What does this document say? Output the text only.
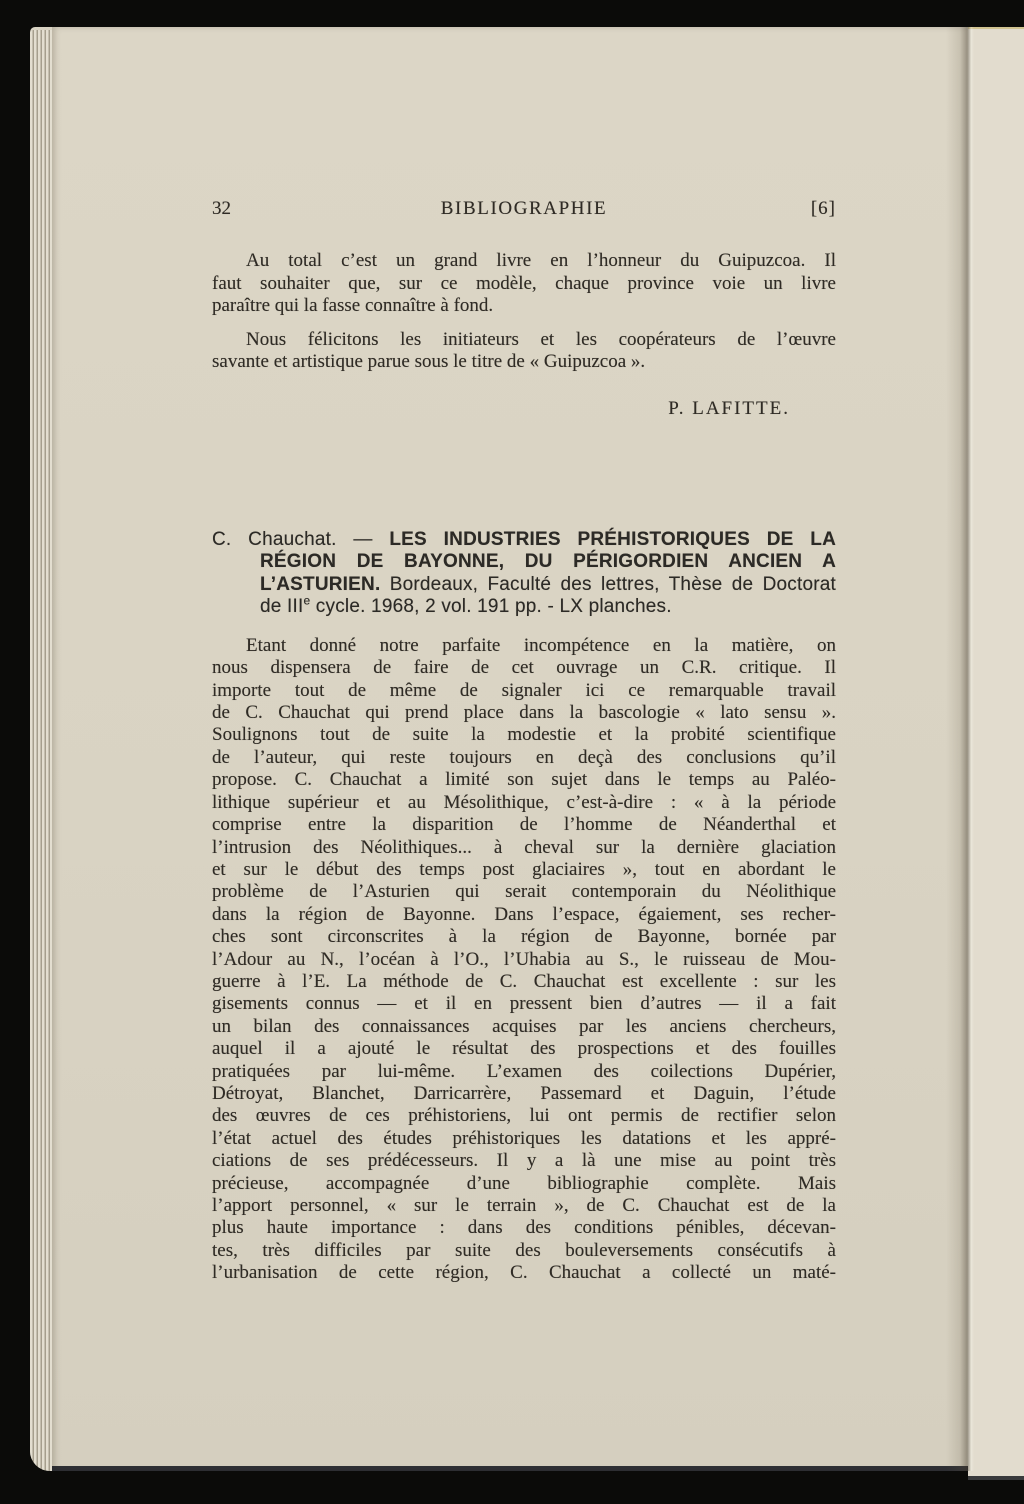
32	BIBLIOGRAPHIE	[6]
Au total c’est un grand livre en l’honneur du Guipuzcoa. Il
faut souhaiter que, sur ce modèle, chaque province voie un livre
paraître qui la fasse connaître à fond.
Nous félicitons les initiateurs et les coopérateurs de l’œuvre
savante et artistique parue sous le titre de « Guipuzcoa ».
P. LAFITTE.
C. Chauchat. — LES INDUSTRIES PRÉHISTORIQUES DE LA RÉGION DE BAYONNE, DU PÉRIGORDIEN ANCIEN A L’ASTURIEN. Bordeaux, Faculté des lettres, Thèse de Doctorat de IIIe cycle. 1968, 2 vol. 191 pp. - LX planches.
Etant donné notre parfaite incompétence en la matière, on
nous dispensera de faire de cet ouvrage un C.R. critique. Il
importe tout de même de signaler ici ce remarquable travail
de C. Chauchat qui prend place dans la bascologie « lato sensu ».
Soulignons tout de suite la modestie et la probité scientifique
de l’auteur, qui reste toujours en deçà des conclusions qu’il
propose. C. Chauchat a limité son sujet dans le temps au Paléo-
lithique supérieur et au Mésolithique, c’est-à-dire : « à la période
comprise entre la disparition de l’homme de Néanderthal et
l’intrusion des Néolithiques... à cheval sur la dernière glaciation
et sur le début des temps post glaciaires », tout en abordant le
problème de l’Asturien qui serait contemporain du Néolithique
dans la région de Bayonne. Dans l’espace, égaiement, ses recher-
ches sont circonscrites à la région de Bayonne, bornée par
l’Adour au N., l’océan à l’O., l’Uhabia au S., le ruisseau de Mou-
guerre à l’E. La méthode de C. Chauchat est excellente : sur les
gisements connus — et il en pressent bien d’autres — il a fait
un bilan des connaissances acquises par les anciens chercheurs,
auquel il a ajouté le résultat des prospections et des fouilles
pratiquées par lui-même. L’examen des coilections Dupérier,
Détroyat, Blanchet, Darricarrère, Passemard et Daguin, l’étude
des œuvres de ces préhistoriens, lui ont permis de rectifier selon
l’état actuel des études préhistoriques les datations et les appré-
ciations de ses prédécesseurs. Il y a là une mise au point très
précieuse, accompagnée d’une bibliographie complète. Mais
l’apport personnel, « sur le terrain », de C. Chauchat est de la
plus haute importance : dans des conditions pénibles, décevan-
tes, très difficiles par suite des bouleversements consécutifs à
l’urbanisation de cette région, C. Chauchat a collecté un maté-
